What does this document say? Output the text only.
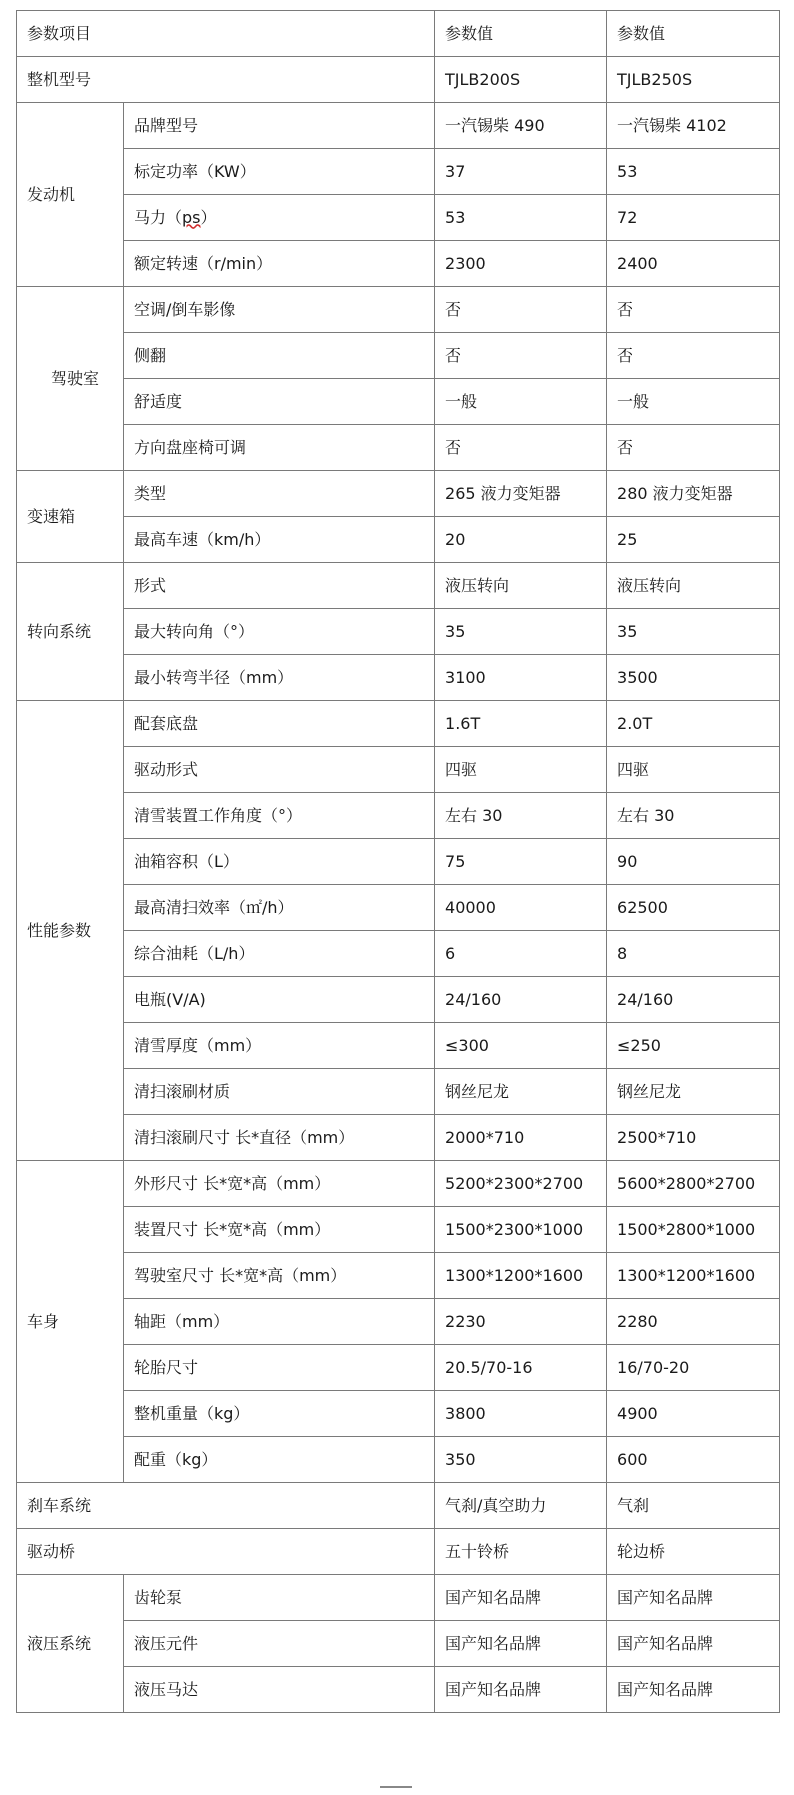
参数项目		参数值	参数值
整机型号		TJLB200S	TJLB250S
发动机	品牌型号	一汽锡柴 490	一汽锡柴 4102
	标定功率（KW）	37	53
	马力（ps）	53	72
	额定转速（r/min）	2300	2400
驾驶室	空调/倒车影像	否	否
	侧翻	否	否
	舒适度	一般	一般
	方向盘座椅可调	否	否
变速箱	类型	265 液力变矩器	280 液力变矩器
	最高车速（km/h）	20	25
转向系统	形式	液压转向	液压转向
	最大转向角（°）	35	35
	最小转弯半径（mm）	3100	3500
性能参数	配套底盘	1.6T	2.0T
	驱动形式	四驱	四驱
	清雪装置工作角度（°）	左右 30	左右 30
	油箱容积（L）	75	90
	最高清扫效率（㎡/h）	40000	62500
	综合油耗（L/h）	6	8
	电瓶(V/A)	24/160	24/160
	清雪厚度（mm）	≤300	≤250
	清扫滚刷材质	钢丝尼龙	钢丝尼龙
	清扫滚刷尺寸 长*直径（mm）	2000*710	2500*710
车身	外形尺寸 长*宽*高（mm）	5200*2300*2700	5600*2800*2700
	装置尺寸 长*宽*高（mm）	1500*2300*1000	1500*2800*1000
	驾驶室尺寸 长*宽*高（mm）	1300*1200*1600	1300*1200*1600
	轴距（mm）	2230	2280
	轮胎尺寸	20.5/70-16	16/70-20
	整机重量（kg）	3800	4900
	配重（kg）	350	600
刹车系统		气刹/真空助力	气刹
驱动桥		五十铃桥	轮边桥
液压系统	齿轮泵	国产知名品牌	国产知名品牌
	液压元件	国产知名品牌	国产知名品牌
	液压马达	国产知名品牌	国产知名品牌
